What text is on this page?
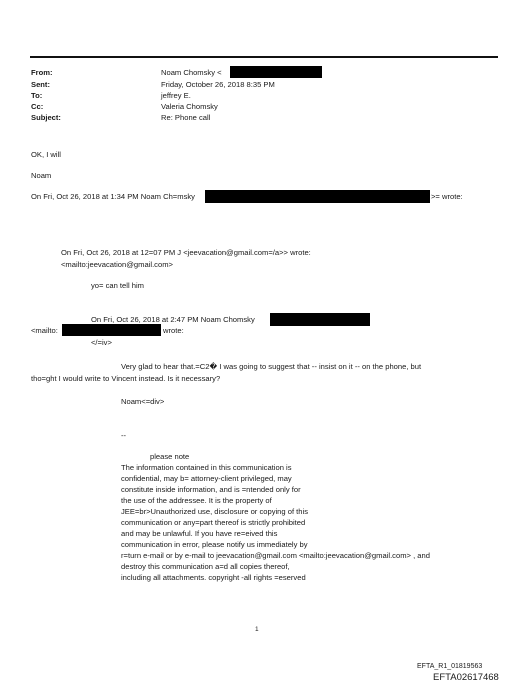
From:
Sent:
To:
Cc:
Subject:
Noam Chomsky <
Friday, October 26, 2018 8:35 PM
jeffrey E.
Valeria Chomsky
Re: Phone call
OK, I will
Noam
On Fri, Oct 26, 2018 at 1:34 PM Noam Ch=msky	>= wrote:
On Fri, Oct 26, 2018 at 12=07 PM J <jeevacation@gmail.com=/a>> wrote:
<mailto:jeevacation@gmail.com>
yo= can tell him
On Fri, Oct 26, 2018 at 2:47 PM Noam Chomsky
<mailto:	wrote:
</=iv>
Very glad to hear that.=C2� I was going to suggest that -- insist on it -- on the phone, but
tho=ght I would write to Vincent instead. Is it necessary?
Noam<=div>
--
please note
The information contained in this communication is
confidential, may b= attorney-client privileged, may
constitute inside information, and is =ntended only for
the use of the addressee. It is the property of
JEE=br>Unauthorized use, disclosure or copying of this
communication or any=part thereof is strictly prohibited
and may be unlawful. If you have re=eived this
communication in error, please notify us immediately by
r=turn e-mail or by e-mail to jeevacation@gmail.com <mailto:jeevacation@gmail.com> , and
destroy this communication a=d all copies thereof,
including all attachments. copyright -all rights =eserved
1
EFTA_R1_01819563
EFTA02617468
